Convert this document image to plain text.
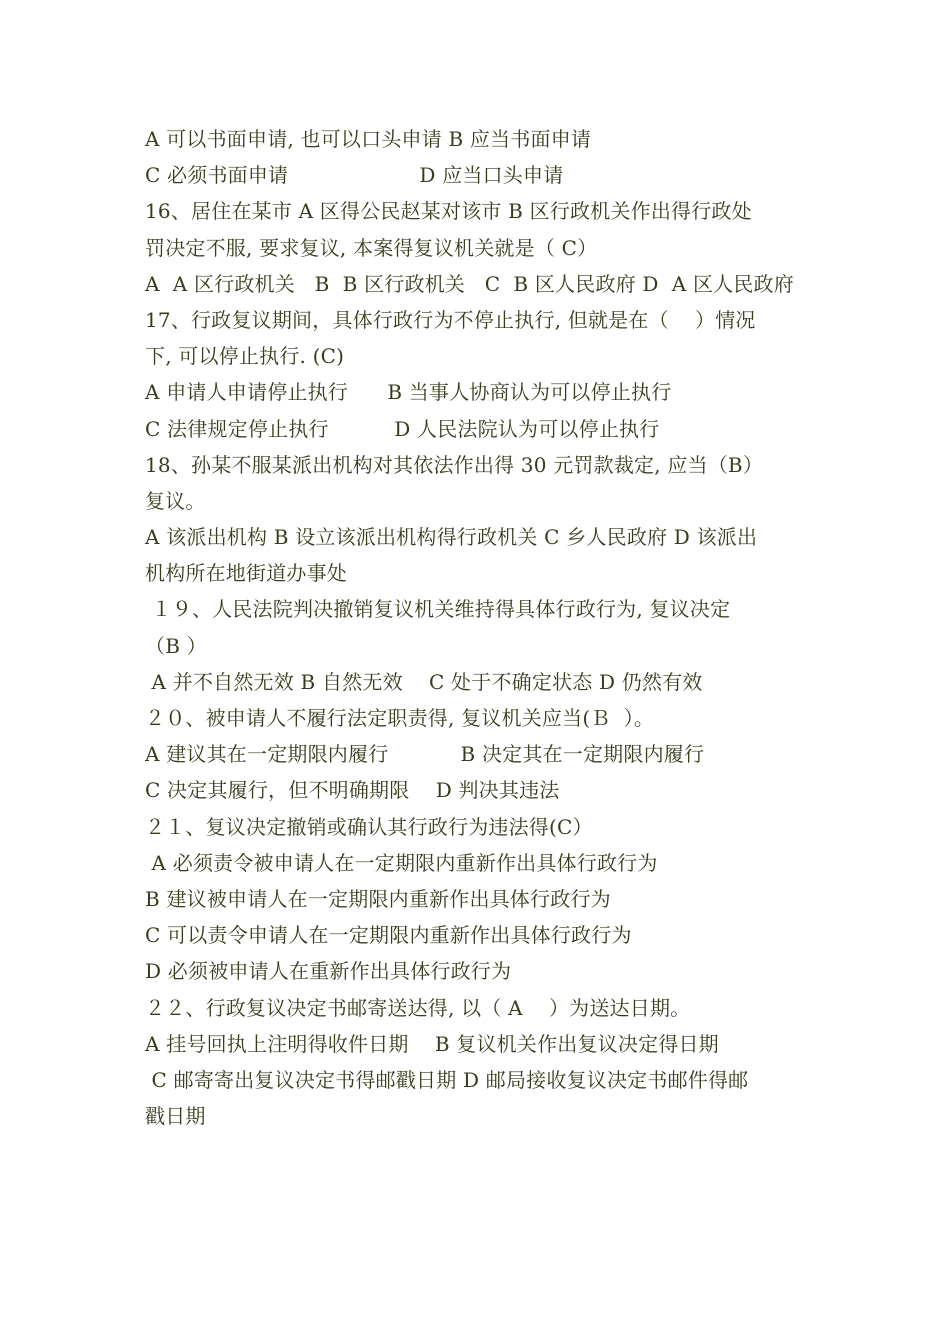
A 可以书面申请, 也可以口头申请 B 应当书面申请
C 必须书面申请                    D 应当口头申请
16、居住在某市 A 区得公民赵某对该市 B 区行政机关作出得行政处
罚决定不服, 要求复议, 本案得复议机关就是（ C）
A  A 区行政机关   B  B 区行政机关   C  B 区人民政府 D  A 区人民政府
17、行政复议期间，具体行政行为不停止执行, 但就是在（    ）情况
下, 可以停止执行. (C)
A 申请人申请停止执行      B 当事人协商认为可以停止执行
C 法律规定停止执行          D 人民法院认为可以停止执行
18、孙某不服某派出机构对其依法作出得 30 元罚款裁定, 应当（B）
复议。
A 该派出机构 B 设立该派出机构得行政机关 C 乡人民政府 D 该派出
机构所在地街道办事处
１９、人民法院判决撤销复议机关维持得具体行政行为, 复议决定
（B ）
A 并不自然无效 B 自然无效    C 处于不确定状态 D 仍然有效
２０、被申请人不履行法定职责得, 复议机关应当(Ｂ  ）。
A 建议其在一定期限内履行           B 决定其在一定期限内履行
C 决定其履行，但不明确期限    D 判决其违法
２１、复议决定撤销或确认其行政行为违法得(C）
A 必须责令被申请人在一定期限内重新作出具体行政行为
B 建议被申请人在一定期限内重新作出具体行政行为
C 可以责令申请人在一定期限内重新作出具体行政行为
D 必须被申请人在重新作出具体行政行为
２２、行政复议决定书邮寄送达得, 以（ A    ）为送达日期。
A 挂号回执上注明得收件日期    B 复议机关作出复议决定得日期
C 邮寄寄出复议决定书得邮戳日期 D 邮局接收复议决定书邮件得邮
戳日期
